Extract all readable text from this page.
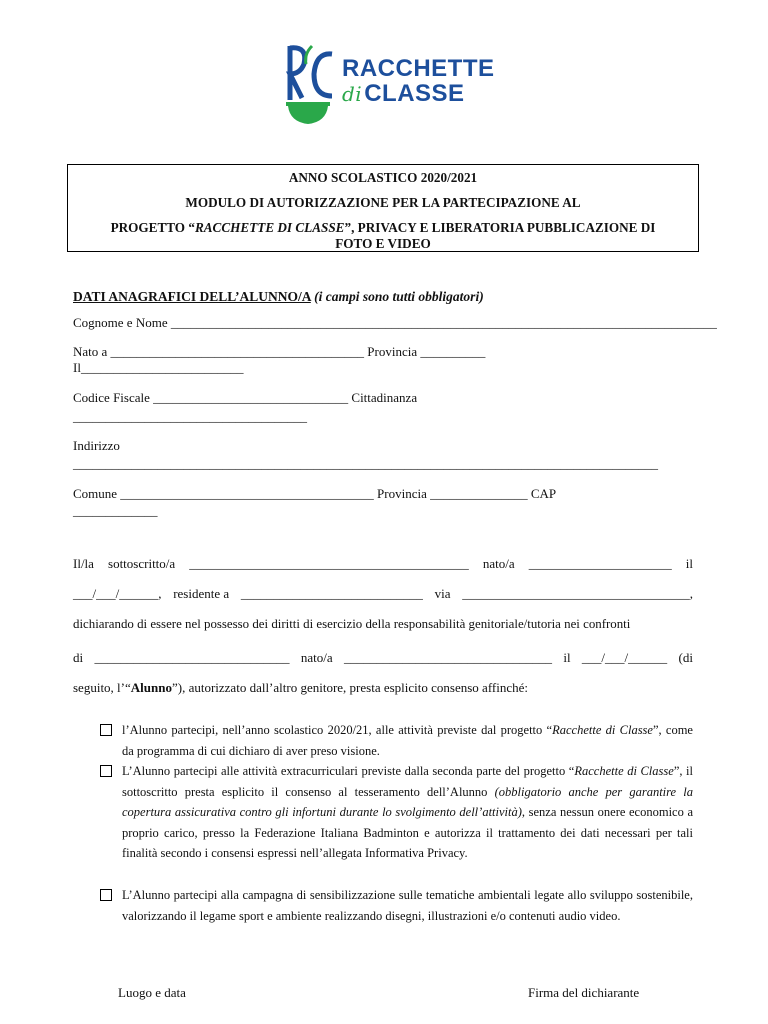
RACCHETTE
diCLASSE
ANNO SCOLASTICO 2020/2021
MODULO DI AUTORIZZAZIONE PER LA PARTECIPAZIONE AL
PROGETTO “RACCHETTE DI CLASSE”, PRIVACY E LIBERATORIA PUBBLICAZIONE DI
FOTO E VIDEO
DATI ANAGRAFICI DELL’ALUNNO/A (i campi sono tutti obbligatori)
Cognome e Nome ____________________________________________________________________________________
Nato a _______________________________________ Provincia __________
Il_________________________
Codice Fiscale ______________________________ Cittadinanza
____________________________________
Indirizzo
__________________________________________________________________________________________
Comune _______________________________________ Provincia _______________ CAP
_____________
Il/la sottoscritto/a ___________________________________________ nato/a ______________________ il
___/___/______, residente a ____________________________ via ___________________________________,
dichiarando di essere nel possesso dei diritti di esercizio della responsabilità genitoriale/tutoria nei confronti
di ______________________________ nato/a ________________________________ il ___/___/______ (di
seguito, l’“Alunno”), autorizzato dall’altro genitore, presta esplicito consenso affinché:
l’Alunno partecipi, nell’anno scolastico 2020/21, alle attività previste dal progetto “Racchette di Classe”, come da programma di cui dichiaro di aver preso visione.
L’Alunno partecipi alle attività extracurriculari previste dalla seconda parte del progetto “Racchette di Classe”, il sottoscritto presta esplicito il consenso al tesseramento dell’Alunno (obbligatorio anche per garantire la copertura assicurativa contro gli infortuni durante lo svolgimento dell’attività), senza nessun onere economico a proprio carico, presso la Federazione Italiana Badminton e autorizza il trattamento dei dati necessari per tali finalità secondo i consensi espressi nell’allegata Informativa Privacy.
L’Alunno partecipi alla campagna di sensibilizzazione sulle tematiche ambientali legate allo sviluppo sostenibile, valorizzando il legame sport e ambiente realizzando disegni, illustrazioni e/o contenuti audio video.
Luogo e data	Firma del dichiarante
